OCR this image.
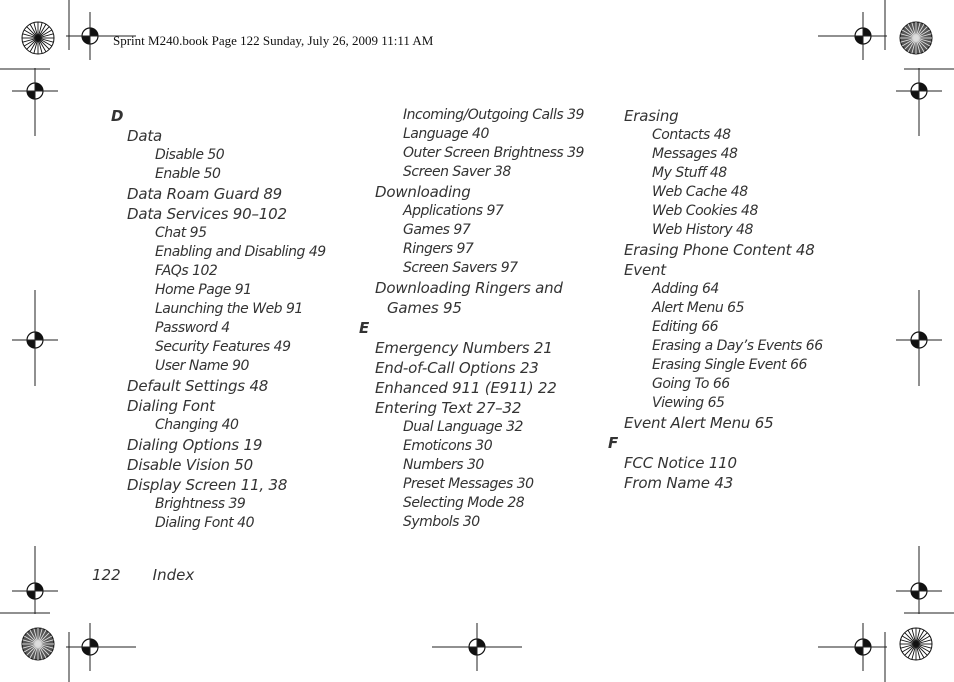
Sprint M240.book Page 122 Sunday, July 26, 2009 11:11 AM
D
Data
Disable 50
Enable 50
Data Roam Guard 89
Data Services 90–102
Chat 95
Enabling and Disabling 49
FAQs 102
Home Page 91
Launching the Web 91
Password 4
Security Features 49
User Name 90
Default Settings 48
Dialing Font
Changing 40
Dialing Options 19
Disable Vision 50
Display Screen 11, 38
Brightness 39
Dialing Font 40
Incoming/Outgoing Calls 39
Language 40
Outer Screen Brightness 39
Screen Saver 38
Downloading
Applications 97
Games 97
Ringers 97
Screen Savers 97
Downloading Ringers and
Games 95
E
Emergency Numbers 21
End-of-Call Options 23
Enhanced 911 (E911) 22
Entering Text 27–32
Dual Language 32
Emoticons 30
Numbers 30
Preset Messages 30
Selecting Mode 28
Symbols 30
Erasing
Contacts 48
Messages 48
My Stuff 48
Web Cache 48
Web Cookies 48
Web History 48
Erasing Phone Content 48
Event
Adding 64
Alert Menu 65
Editing 66
Erasing a Day’s Events 66
Erasing Single Event 66
Going To 66
Viewing 65
Event Alert Menu 65
F
FCC Notice 110
From Name 43
122 Index
